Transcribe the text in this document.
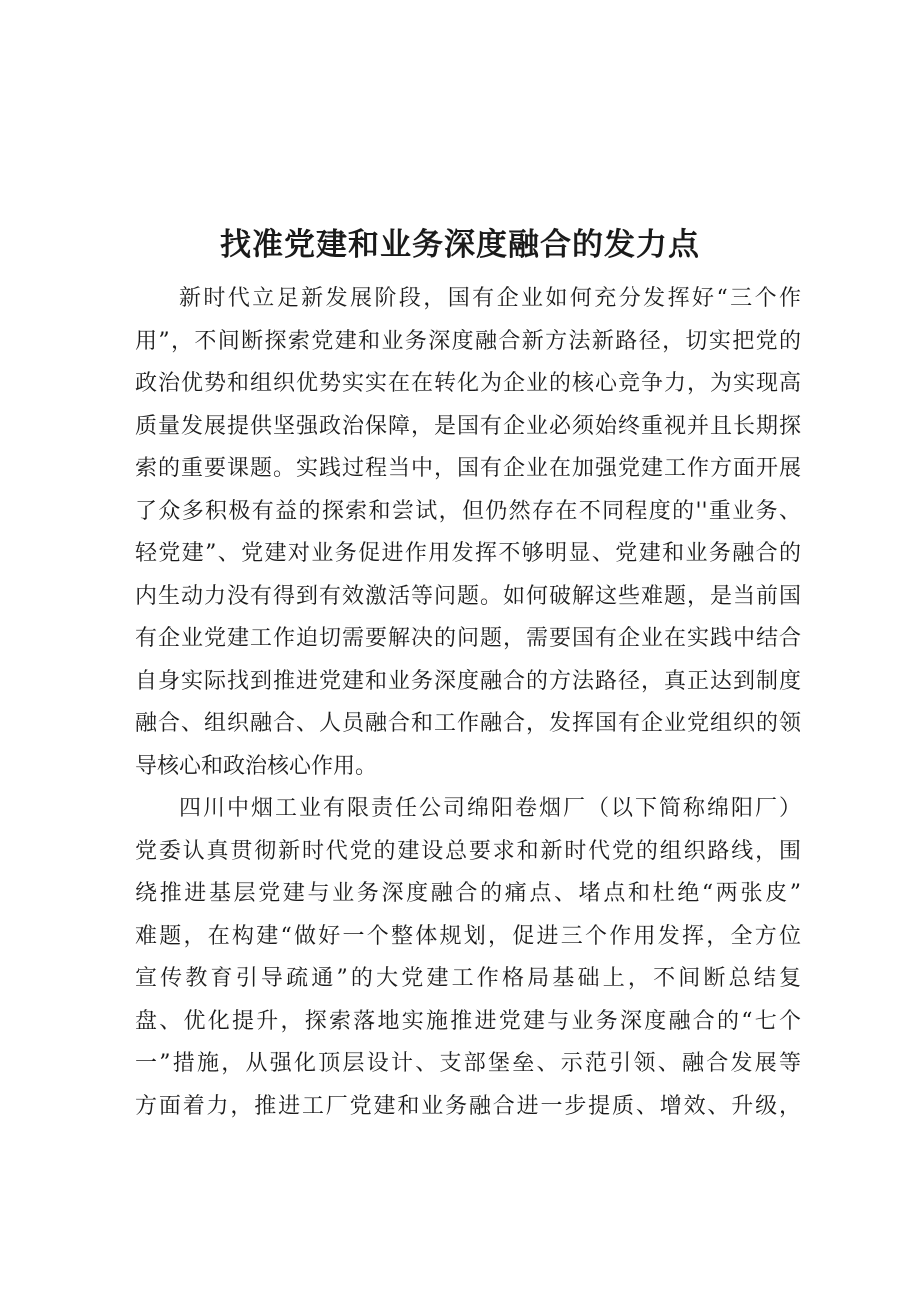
找准党建和业务深度融合的发力点
新时代立足新发展阶段，国有企业如何充分发挥好“三个作
用”，不间断探索党建和业务深度融合新方法新路径，切实把党的
政治优势和组织优势实实在在转化为企业的核心竞争力，为实现高
质量发展提供坚强政治保障，是国有企业必须始终重视并且长期探
索的重要课题。实践过程当中，国有企业在加强党建工作方面开展
了众多积极有益的探索和尝试，但仍然存在不同程度的''重业务、
轻党建”、党建对业务促进作用发挥不够明显、党建和业务融合的
内生动力没有得到有效激活等问题。如何破解这些难题，是当前国
有企业党建工作迫切需要解决的问题，需要国有企业在实践中结合
自身实际找到推进党建和业务深度融合的方法路径，真正达到制度
融合、组织融合、人员融合和工作融合，发挥国有企业党组织的领
导核心和政治核心作用。
四川中烟工业有限责任公司绵阳卷烟厂（以下简称绵阳厂）
党委认真贯彻新时代党的建设总要求和新时代党的组织路线，围
绕推进基层党建与业务深度融合的痛点、堵点和杜绝“两张皮”
难题，在构建“做好一个整体规划，促进三个作用发挥，全方位
宣传教育引导疏通”的大党建工作格局基础上，不间断总结复
盘、优化提升，探索落地实施推进党建与业务深度融合的“七个
一”措施，从强化顶层设计、支部堡垒、示范引领、融合发展等
方面着力，推进工厂党建和业务融合进一步提质、增效、升级，
